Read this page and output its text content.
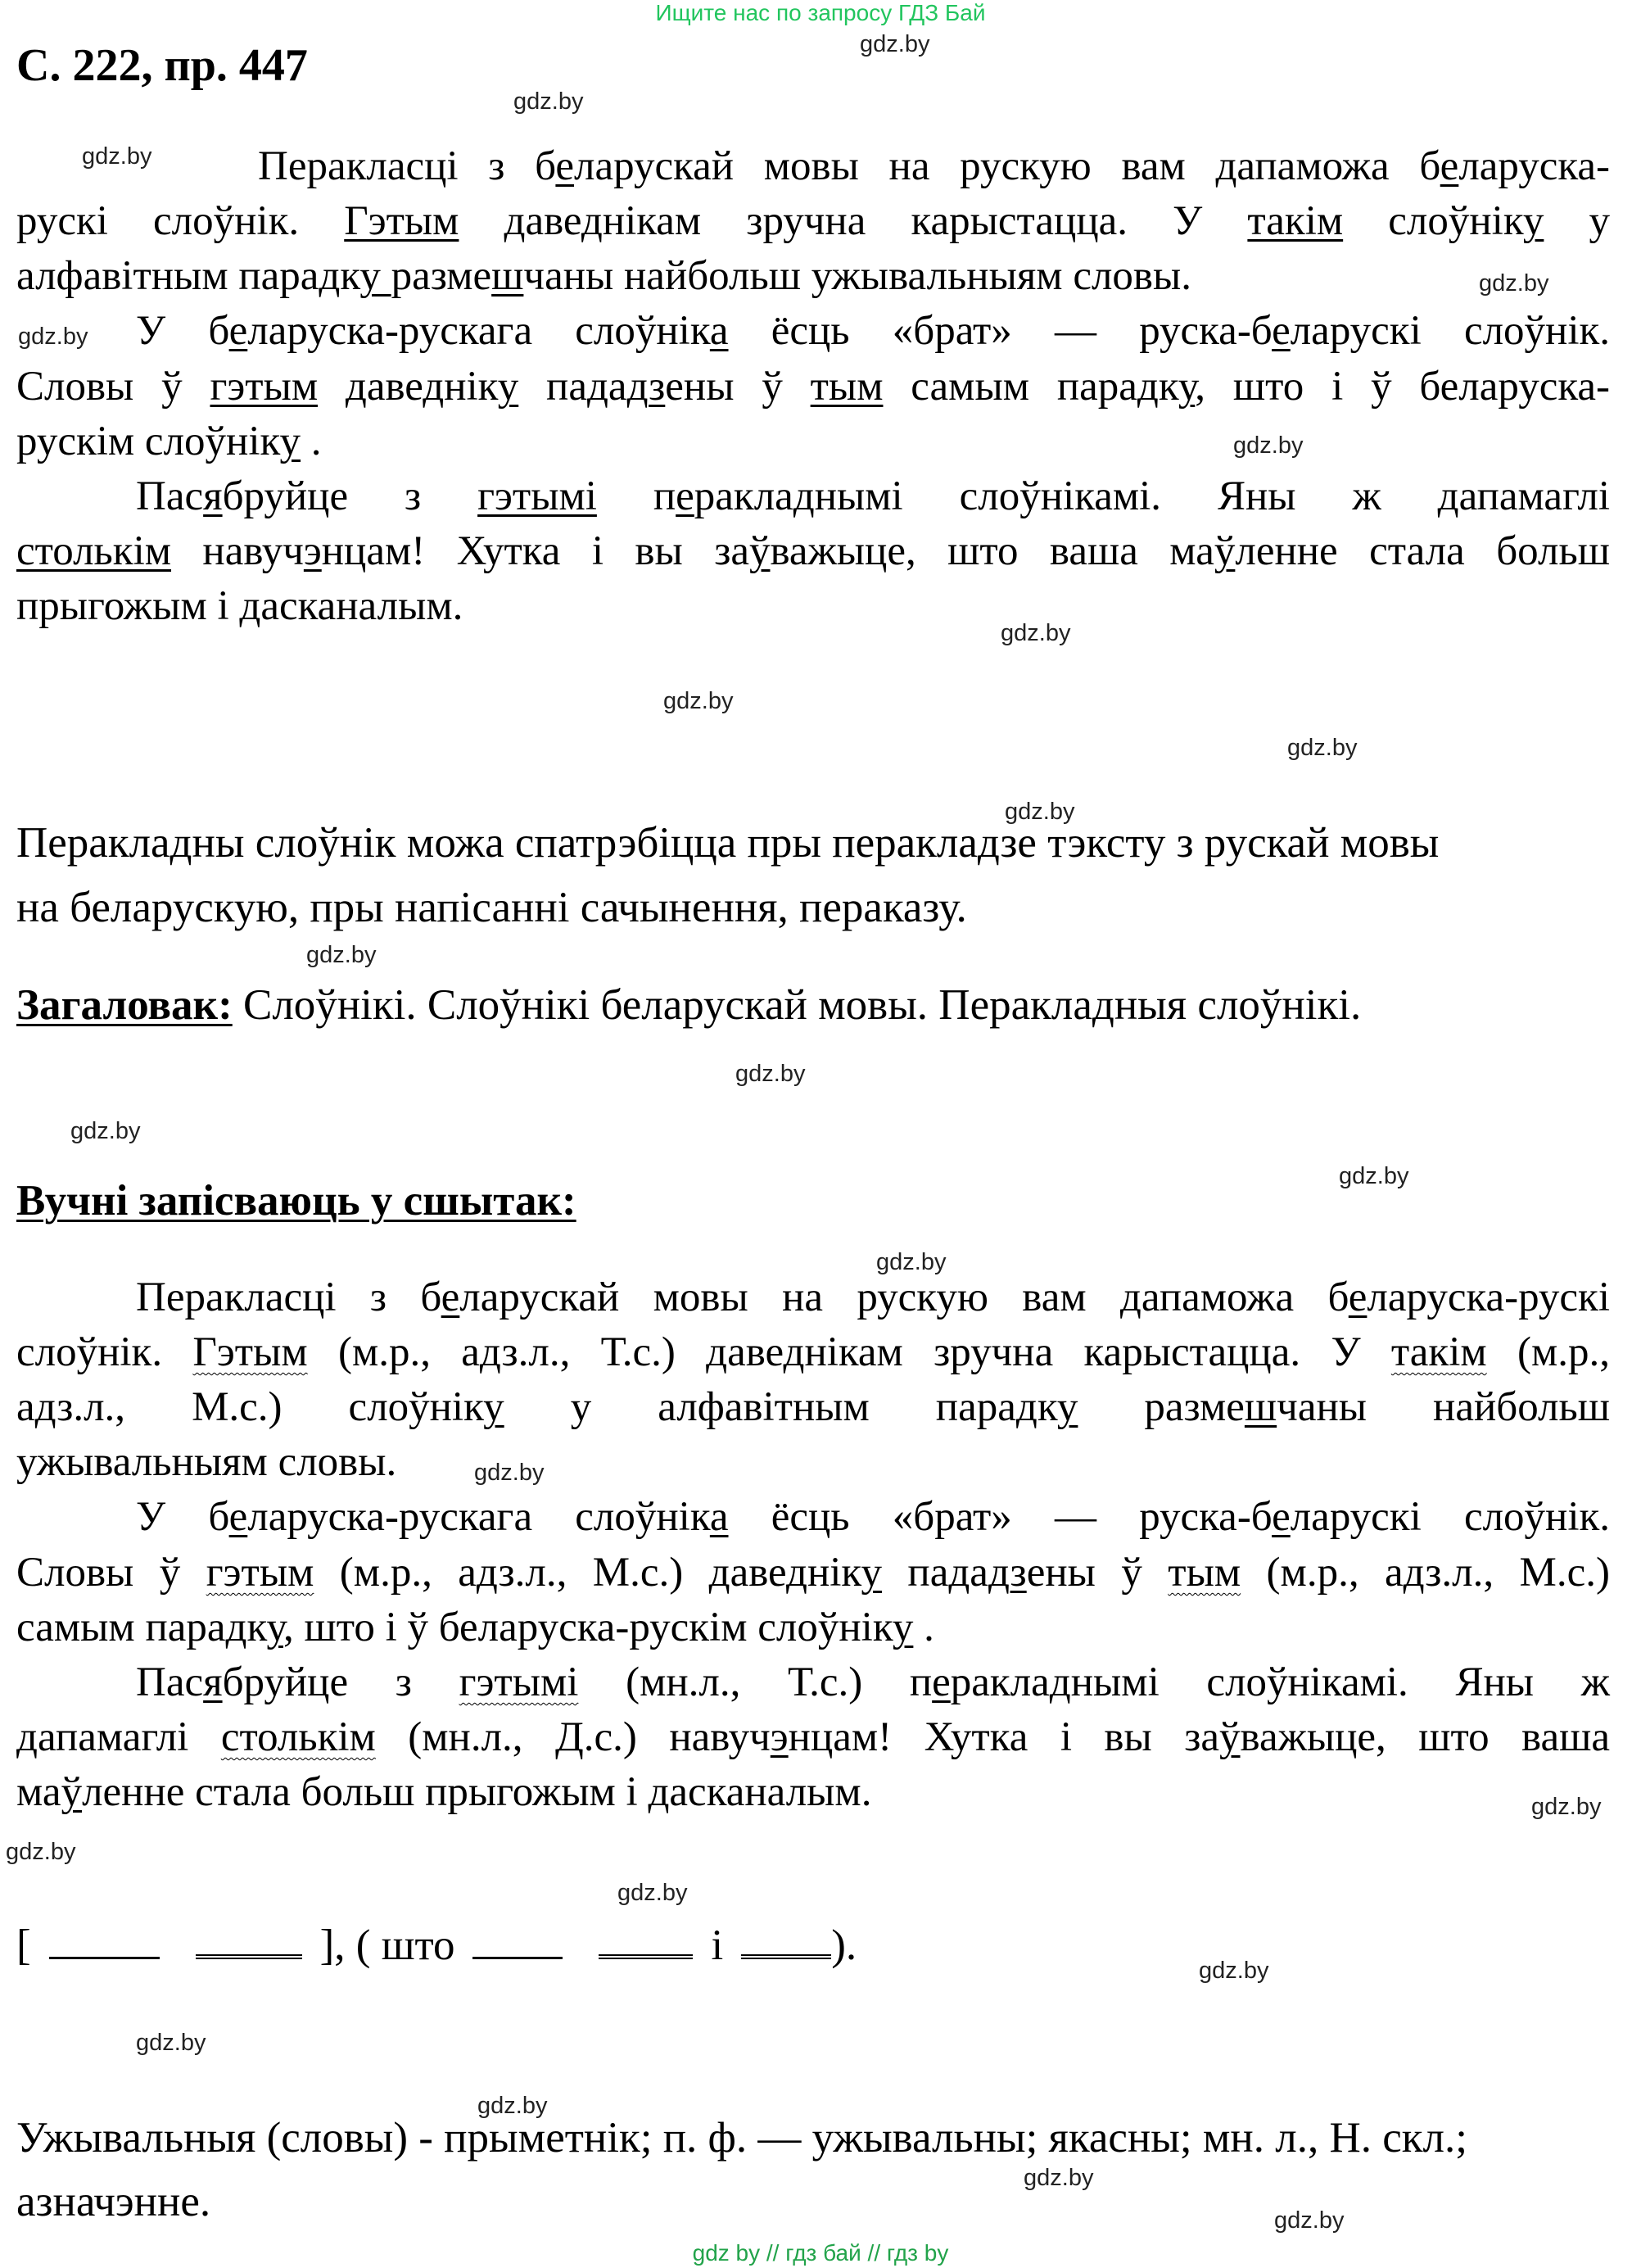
Ищите нас по запросу ГДЗ Бай
С. 222, пр. 447
Перакласці з беларускай мовы на рускую вам дапаможа беларуска-
рускі слоўнік. Гэтым даведнікам зручна карыстацца. У такім слоўніку у
алфавітным парадку размешчаны найбольш ужывальныям словы.
У беларуска-рускага слоўніка ёсць «брат» — руска-беларускі слоўнік.
Словы ў гэтым даведніку пададзены ў тым самым парадку, што і ў беларуска-
рускім слоўніку .
Пасябруйце з гэтымі перакладнымі слоўнікамі. Яны ж дапамаглі
столькім навучэнцам! Хутка і вы заўважыце, што ваша маўленне стала больш
прыгожым і дасканалым.
Перакладны слоўнік можа спатрэбіцца пры перакладзе тэксту з рускай мовы
на беларускую, пры напісанні сачынення, пераказу.
Загаловак: Слоўнікі. Слоўнікі беларускай мовы. Перакладныя слоўнікі.
Вучні запісваюць у сшытак:
Перакласці з беларускай мовы на рускую вам дапаможа беларуска-рускі
слоўнік. Гэтым (м.р., адз.л., Т.с.) даведнікам зручна карыстацца. У такім (м.р.,
адз.л., М.с.) слоўніку у алфавітным парадку размешчаны найбольш
ужывальныям словы.
У беларуска-рускага слоўніка ёсць «брат» — руска-беларускі слоўнік.
Словы ў гэтым (м.р., адз.л., М.с.) даведніку пададзены ў тым (м.р., адз.л., М.с.)
самым парадку, што і ў беларуска-рускім слоўніку .
Пасябруйце з гэтымі (мн.л., Т.с.) перакладнымі слоўнікамі. Яны ж
дапамаглі столькім (мн.л., Д.с.) навучэнцам! Хутка і вы заўважыце, што ваша
маўленне стала больш прыгожым і дасканалым.
[	], ( што	і ).
Ужывальныя (словы) - прыметнік; п. ф. — ужывальны; якасны; мн. л., Н. скл.;
азначэнне.
gdz.by
gdz.by
gdz.by
gdz.by
gdz.by
gdz.by
gdz.by
gdz.by
gdz.by
gdz.by
gdz.by
gdz.by
gdz.by
gdz.by
gdz.by
gdz.by
gdz.by
gdz.by
gdz.by
gdz.by
gdz.by
gdz.by
gdz.by
gdz.by
gdz by // гдз бай // гдз by
